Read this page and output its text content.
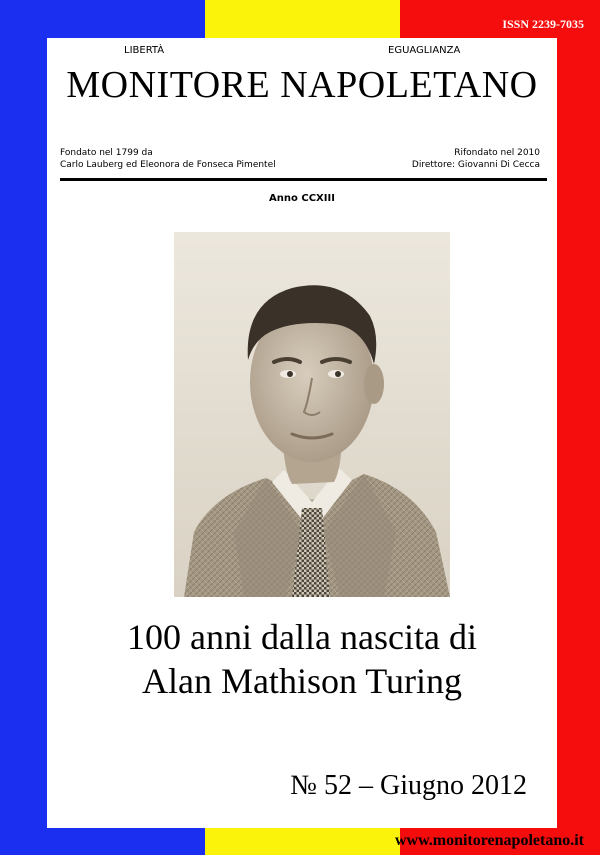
ISSN 2239-7035
LIBERTÀ	EGUAGLIANZA
MONITORE NAPOLETANO
Fondato nel 1799 da
Carlo Lauberg ed Eleonora de Fonseca Pimentel
Rifondato nel 2010
Direttore: Giovanni Di Cecca
Anno CCXIII
100 anni dalla nascita di
Alan Mathison Turing
№ 52 – Giugno 2012
www.monitorenapoletano.it
